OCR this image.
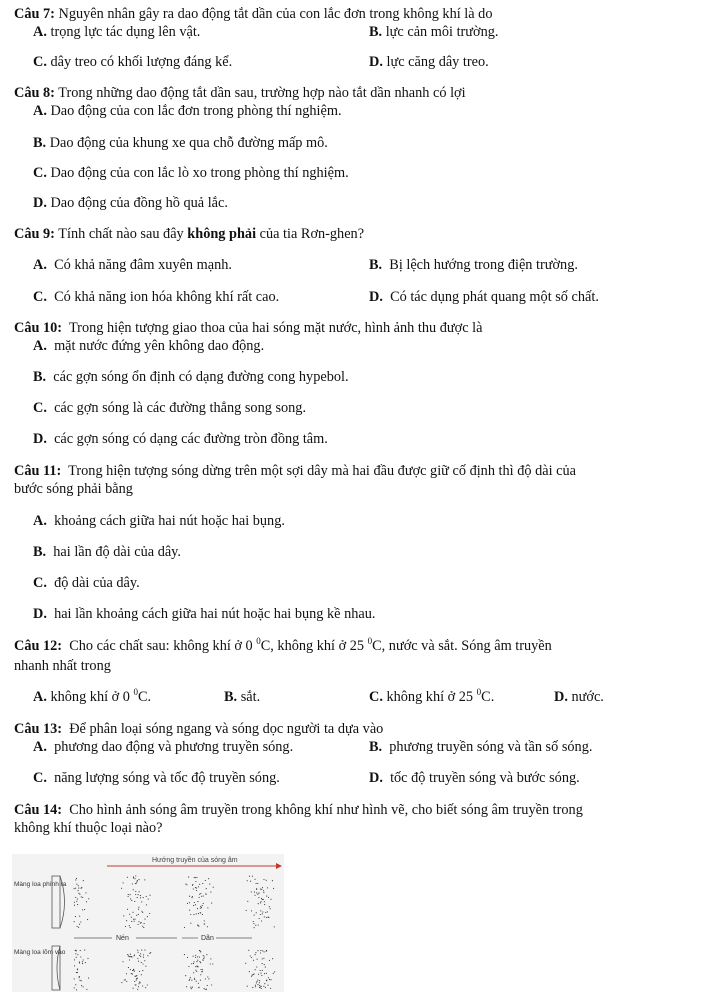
Câu 7: Nguyên nhân gây ra dao động tắt dần của con lắc đơn trong không khí là do
A. trọng lực tác dụng lên vật.	B. lực cản môi trường.
C. dây treo có khối lượng đáng kể.	D. lực căng dây treo.
Câu 8: Trong những dao động tắt dần sau, trường hợp nào tắt dần nhanh có lợi
A. Dao động của con lắc đơn trong phòng thí nghiệm.
B. Dao động của khung xe qua chỗ đường mấp mô.
C. Dao động của con lắc lò xo trong phòng thí nghiệm.
D. Dao động của đồng hồ quả lắc.
Câu 9: Tính chất nào sau đây không phải của tia Rơn-ghen?
A. Có khả năng đâm xuyên mạnh.	B. Bị lệch hướng trong điện trường.
C. Có khả năng ion hóa không khí rất cao.	D. Có tác dụng phát quang một số chất.
Câu 10: Trong hiện tượng giao thoa của hai sóng mặt nước, hình ảnh thu được là
A. mặt nước đứng yên không dao động.
B. các gợn sóng ổn định có dạng đường cong hypebol.
C. các gợn sóng là các đường thẳng song song.
D. các gợn sóng có dạng các đường tròn đồng tâm.
Câu 11: Trong hiện tượng sóng dừng trên một sợi dây mà hai đầu được giữ cố định thì độ dài của
bước sóng phải bằng
A. khoảng cách giữa hai nút hoặc hai bụng.
B. hai lần độ dài của dây.
C. độ dài của dây.
D. hai lần khoảng cách giữa hai nút hoặc hai bụng kề nhau.
Câu 12: Cho các chất sau: không khí ở 0 $^0$C, không khí ở 25 $^0$C, nước và sắt. Sóng âm truyền
nhanh nhất trong
A. không khí ở 0 $^0$C.	B. sắt.	C. không khí ở 25 $^0$C.	D. nước.
Câu 13: Để phân loại sóng ngang và sóng dọc người ta dựa vào
A. phương dao động và phương truyền sóng.	B. phương truyền sóng và tần số sóng.
C. năng lượng sóng và tốc độ truyền sóng.	D. tốc độ truyền sóng và bước sóng.
Câu 14: Cho hình ảnh sóng âm truyền trong không khí như hình vẽ, cho biết sóng âm truyền trong
không khí thuộc loại nào?
Hướng truyền của sóng âm
Màng loa phình ra
Màng loa lõm vào
Nén	Dãn
